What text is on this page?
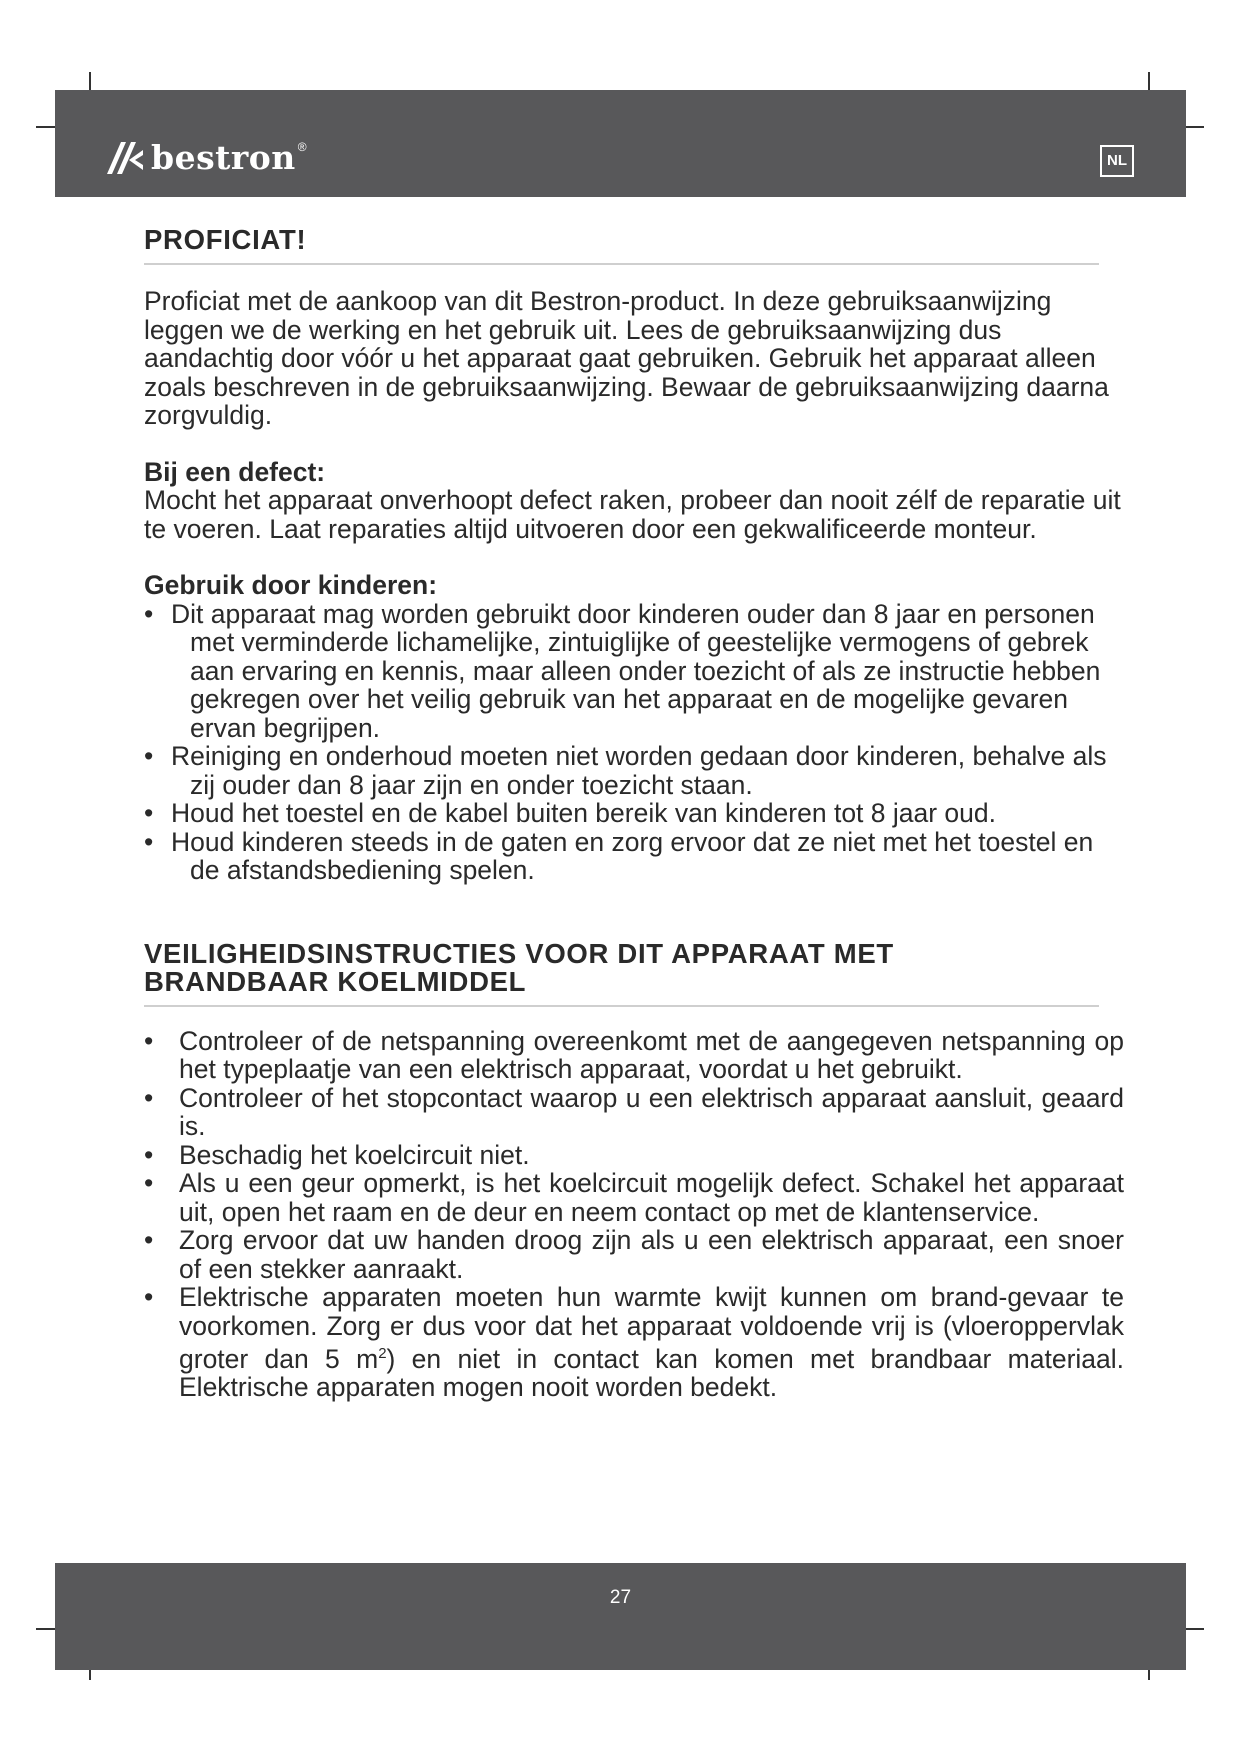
bestron ®
NL
PROFICIAT!

Proficiat met de aankoop van dit Bestron-product. In deze gebruiksaanwijzing leggen we de werking en het gebruik uit. Lees de gebruiksaanwijzing dus aandachtig door vóór u het apparaat gaat gebruiken. Gebruik het apparaat alleen zoals beschreven in de gebruiksaanwijzing. Bewaar de gebruiksaanwijzing daarna zorgvuldig.

Bij een defect:

Mocht het apparaat onverhoopt defect raken, probeer dan nooit zélf de reparatie uit te voeren. Laat reparaties altijd uitvoeren door een gekwalificeerde monteur.

Gebruik door kinderen:

• Dit apparaat mag worden gebruikt door kinderen ouder dan 8 jaar en personen met verminderde lichamelijke, zintuiglijke of geestelijke vermogens of gebrek aan ervaring en kennis, maar alleen onder toezicht of als ze instructie hebben gekregen over het veilig gebruik van het apparaat en de mogelijke gevaren ervan begrijpen.
• Reiniging en onderhoud moeten niet worden gedaan door kinderen, behalve als zij ouder dan 8 jaar zijn en onder toezicht staan.
• Houd het toestel en de kabel buiten bereik van kinderen tot 8 jaar oud.
• Houd kinderen steeds in de gaten en zorg ervoor dat ze niet met het toestel en de afstandsbediening spelen.
VEILIGHEIDSINSTRUCTIES VOOR DIT APPARAAT MET
BRANDBAAR KOELMIDDEL
• Controleer of de netspanning overeenkomt met de aangegeven netspanning op het typeplaatje van een elektrisch apparaat, voordat u het gebruikt.
• Controleer of het stopcontact waarop u een elektrisch apparaat aansluit, geaard is.
• Beschadig het koelcircuit niet.
• Als u een geur opmerkt, is het koelcircuit mogelijk defect. Schakel het apparaat uit, open het raam en de deur en neem contact op met de klantenservice.
• Zorg ervoor dat uw handen droog zijn als u een elektrisch apparaat, een snoer of een stekker aanraakt.
• Elektrische apparaten moeten hun warmte kwijt kunnen om brand-gevaar te voorkomen. Zorg er dus voor dat het apparaat voldoende vrij is (vloeroppervlak groter dan 5 $m^2$) en niet in contact kan komen met brandbaar materiaal. Elektrische apparaten mogen nooit worden bedekt.
27
